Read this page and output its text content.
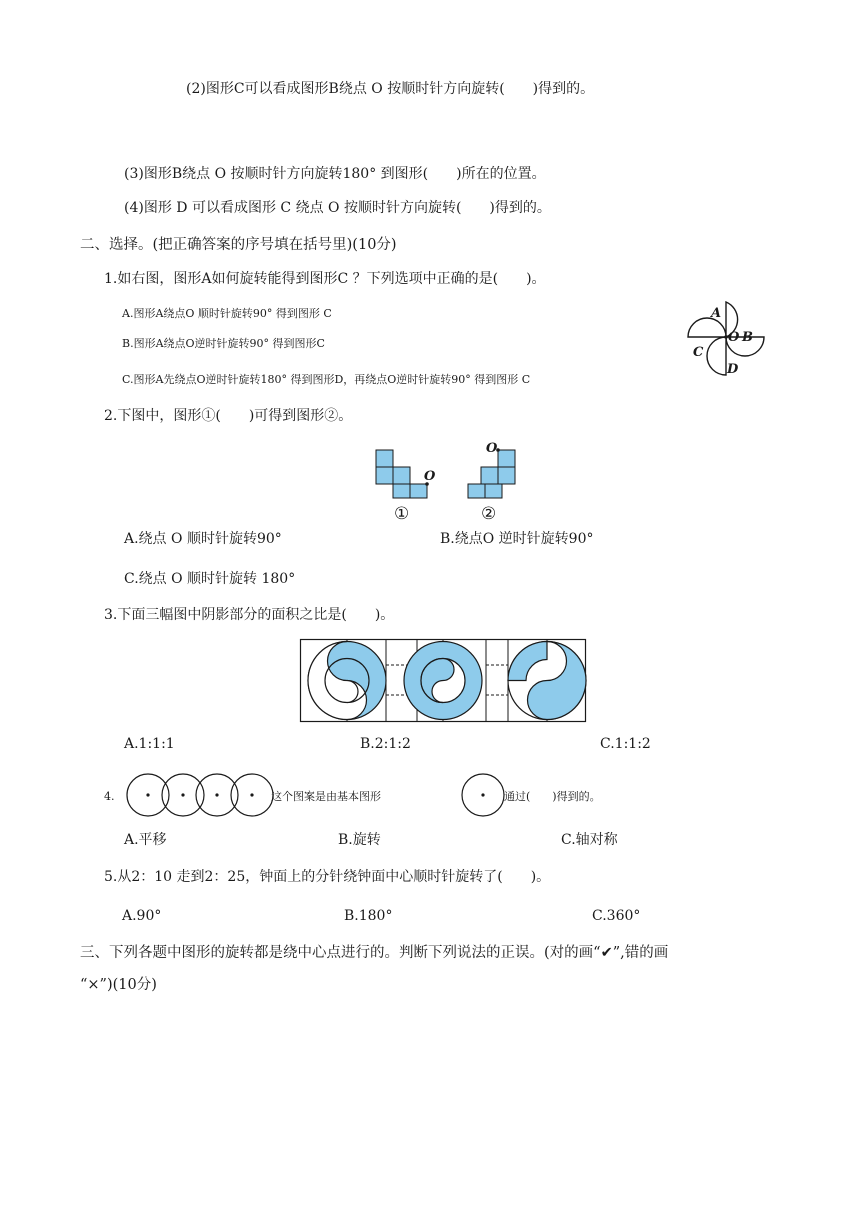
(2)图形C可以看成图形B绕点 O 按顺时针方向旋转(　　)得到的。
(3)图形B绕点 O 按顺时针方向旋转180° 到图形(　　)所在的位置。
(4)图形 D 可以看成图形 C 绕点 O 按顺时针方向旋转(　　)得到的。
二、选择。(把正确答案的序号填在括号里)(10分)
1.如右图，图形A如何旋转能得到图形C ？下列选项中正确的是(　　)。
A.图形A绕点O 顺时针旋转90° 得到图形 C
B.图形A绕点O逆时针旋转90° 得到图形C
C.图形A先绕点O逆时针旋转180° 得到图形D，再绕点O逆时针旋转90° 得到图形 C
A
O B
C
D
2.下图中，图形①(　　)可得到图形②。
O
O
①	②
A.绕点 O 顺时针旋转90°	B.绕点O 逆时针旋转90°
C.绕点 O 顺时针旋转 180°
3.下面三幅图中阴影部分的面积之比是(　　)。
A.1:1:1	B.2:1:2	C.1:1:2
4.	这个图案是由基本图形	通过(　　)得到的。
A.平移	B.旋转	C.轴对称
5.从2：10 走到2：25，钟面上的分针绕钟面中心顺时针旋转了(　　)。
A.90°	B.180°	C.360°
三、下列各题中图形的旋转都是绕中心点进行的。判断下列说法的正误。(对的画“✔”,错的画
“×”)(10分)
